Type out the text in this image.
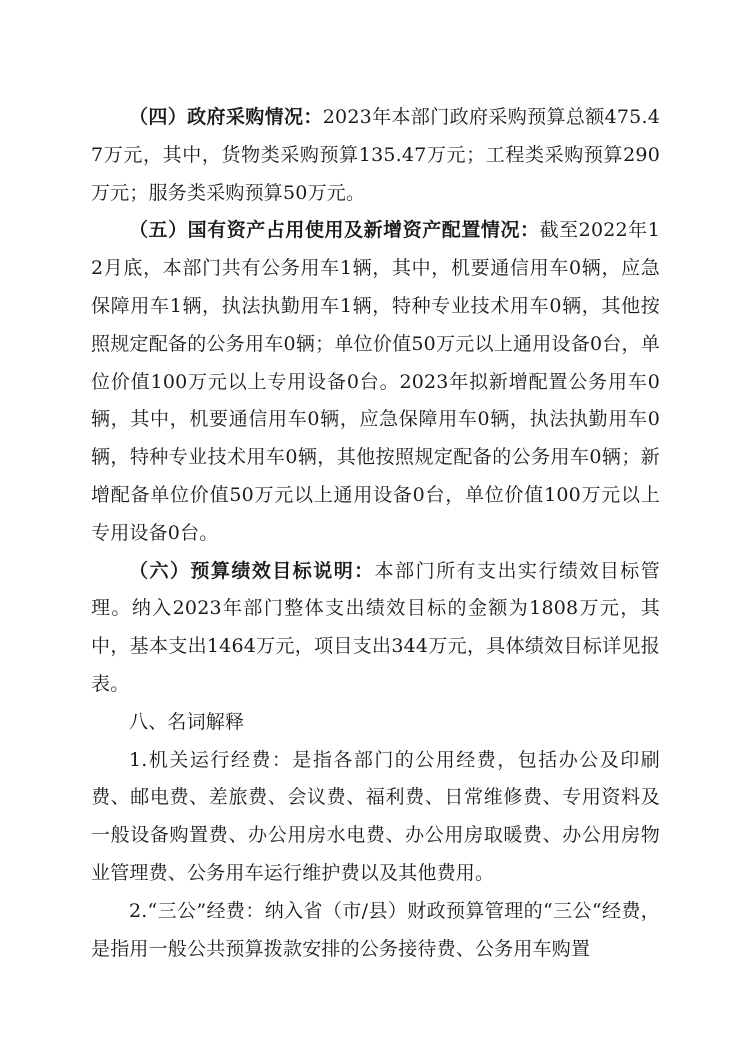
（四）政府采购情况：2023年本部门政府采购预算总额475.47万元，其中，货物类采购预算135.47万元；工程类采购预算290万元；服务类采购预算50万元。

（五）国有资产占用使用及新增资产配置情况：截至2022年12月底，本部门共有公务用车1辆，其中，机要通信用车0辆，应急保障用车1辆，执法执勤用车1辆，特种专业技术用车0辆，其他按照规定配备的公务用车0辆；单位价值50万元以上通用设备0台，单位价值100万元以上专用设备0台。2023年拟新增配置公务用车0辆，其中，机要通信用车0辆，应急保障用车0辆，执法执勤用车0辆，特种专业技术用车0辆，其他按照规定配备的公务用车0辆；新增配备单位价值50万元以上通用设备0台，单位价值100万元以上专用设备0台。

（六）预算绩效目标说明：本部门所有支出实行绩效目标管理。纳入2023年部门整体支出绩效目标的金额为1808万元，其中，基本支出1464万元，项目支出344万元，具体绩效目标详见报表。

八、名词解释

1.机关运行经费：是指各部门的公用经费，包括办公及印刷费、邮电费、差旅费、会议费、福利费、日常维修费、专用资料及一般设备购置费、办公用房水电费、办公用房取暖费、办公用房物业管理费、公务用车运行维护费以及其他费用。

2.“三公”经费：纳入省（市/县）财政预算管理的“三公“经费，是指用一般公共预算拨款安排的公务接待费、公务用车购置
